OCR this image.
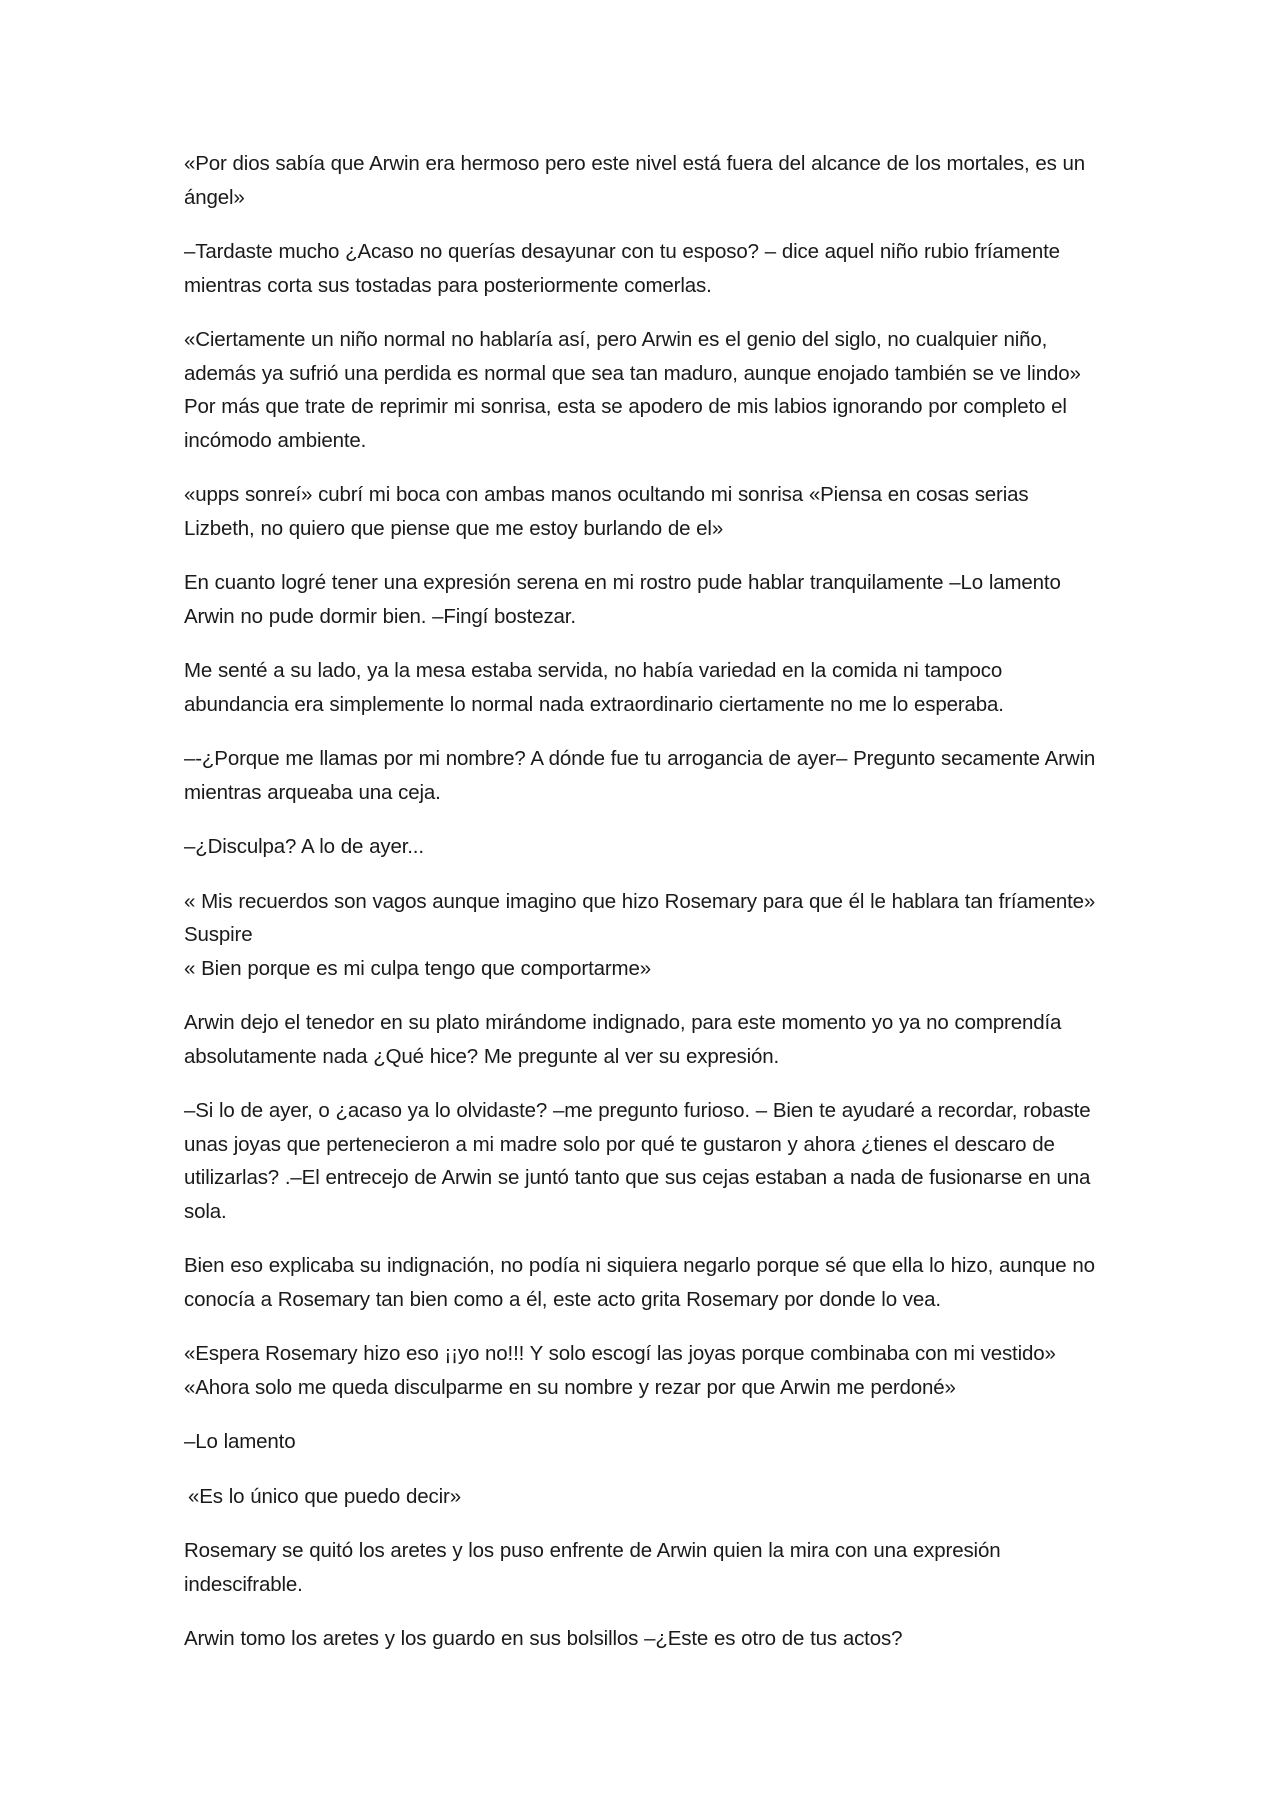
«Por dios sabía que Arwin era hermoso pero este nivel está fuera del alcance de los mortales, es un ángel»

–Tardaste mucho ¿Acaso no querías desayunar con tu esposo? – dice aquel niño rubio fríamente mientras corta sus tostadas para posteriormente comerlas.

«Ciertamente un niño normal no hablaría así, pero Arwin es el genio del siglo, no cualquier niño, además ya sufrió una perdida es normal que sea tan maduro, aunque enojado también se ve lindo» Por más que trate de reprimir mi sonrisa, esta se apodero de mis labios ignorando por completo el incómodo ambiente.

«upps sonreí» cubrí mi boca con ambas manos ocultando mi sonrisa «Piensa en cosas serias Lizbeth, no quiero que piense que me estoy burlando de el»

En cuanto logré tener una expresión serena en mi rostro pude hablar tranquilamente –Lo lamento Arwin no pude dormir bien. –Fingí bostezar.

Me senté a su lado, ya la mesa estaba servida, no había variedad en la comida ni tampoco abundancia era simplemente lo normal nada extraordinario ciertamente no me lo esperaba.

–-¿Porque me llamas por mi nombre? A dónde fue tu arrogancia de ayer– Pregunto secamente Arwin mientras arqueaba una ceja.

–¿Disculpa? A lo de ayer...

« Mis recuerdos son vagos aunque imagino que hizo Rosemary para que él le hablara tan fríamente» Suspire
« Bien porque es mi culpa tengo que comportarme»

Arwin dejo el tenedor en su plato mirándome indignado, para este momento yo ya no comprendía absolutamente nada ¿Qué hice? Me pregunte al ver su expresión.

–Si lo de ayer, o ¿acaso ya lo olvidaste? –me pregunto furioso. – Bien te ayudaré a recordar, robaste unas joyas que pertenecieron a mi madre solo por qué te gustaron y ahora ¿tienes el descaro de utilizarlas? .–El entrecejo de Arwin se juntó tanto que sus cejas estaban a nada de fusionarse en una sola.

Bien eso explicaba su indignación, no podía ni siquiera negarlo porque sé que ella lo hizo, aunque no conocía a Rosemary tan bien como a él, este acto grita Rosemary por donde lo vea.

«Espera Rosemary hizo eso ¡¡yo no!!! Y solo escogí las joyas porque combinaba con mi vestido» «Ahora solo me queda disculparme en su nombre y rezar por que Arwin me perdoné»

–Lo lamento

«Es lo único que puedo decir»

Rosemary se quitó los aretes y los puso enfrente de Arwin quien la mira con una expresión indescifrable.

Arwin tomo los aretes y los guardo en sus bolsillos –¿Este es otro de tus actos?
